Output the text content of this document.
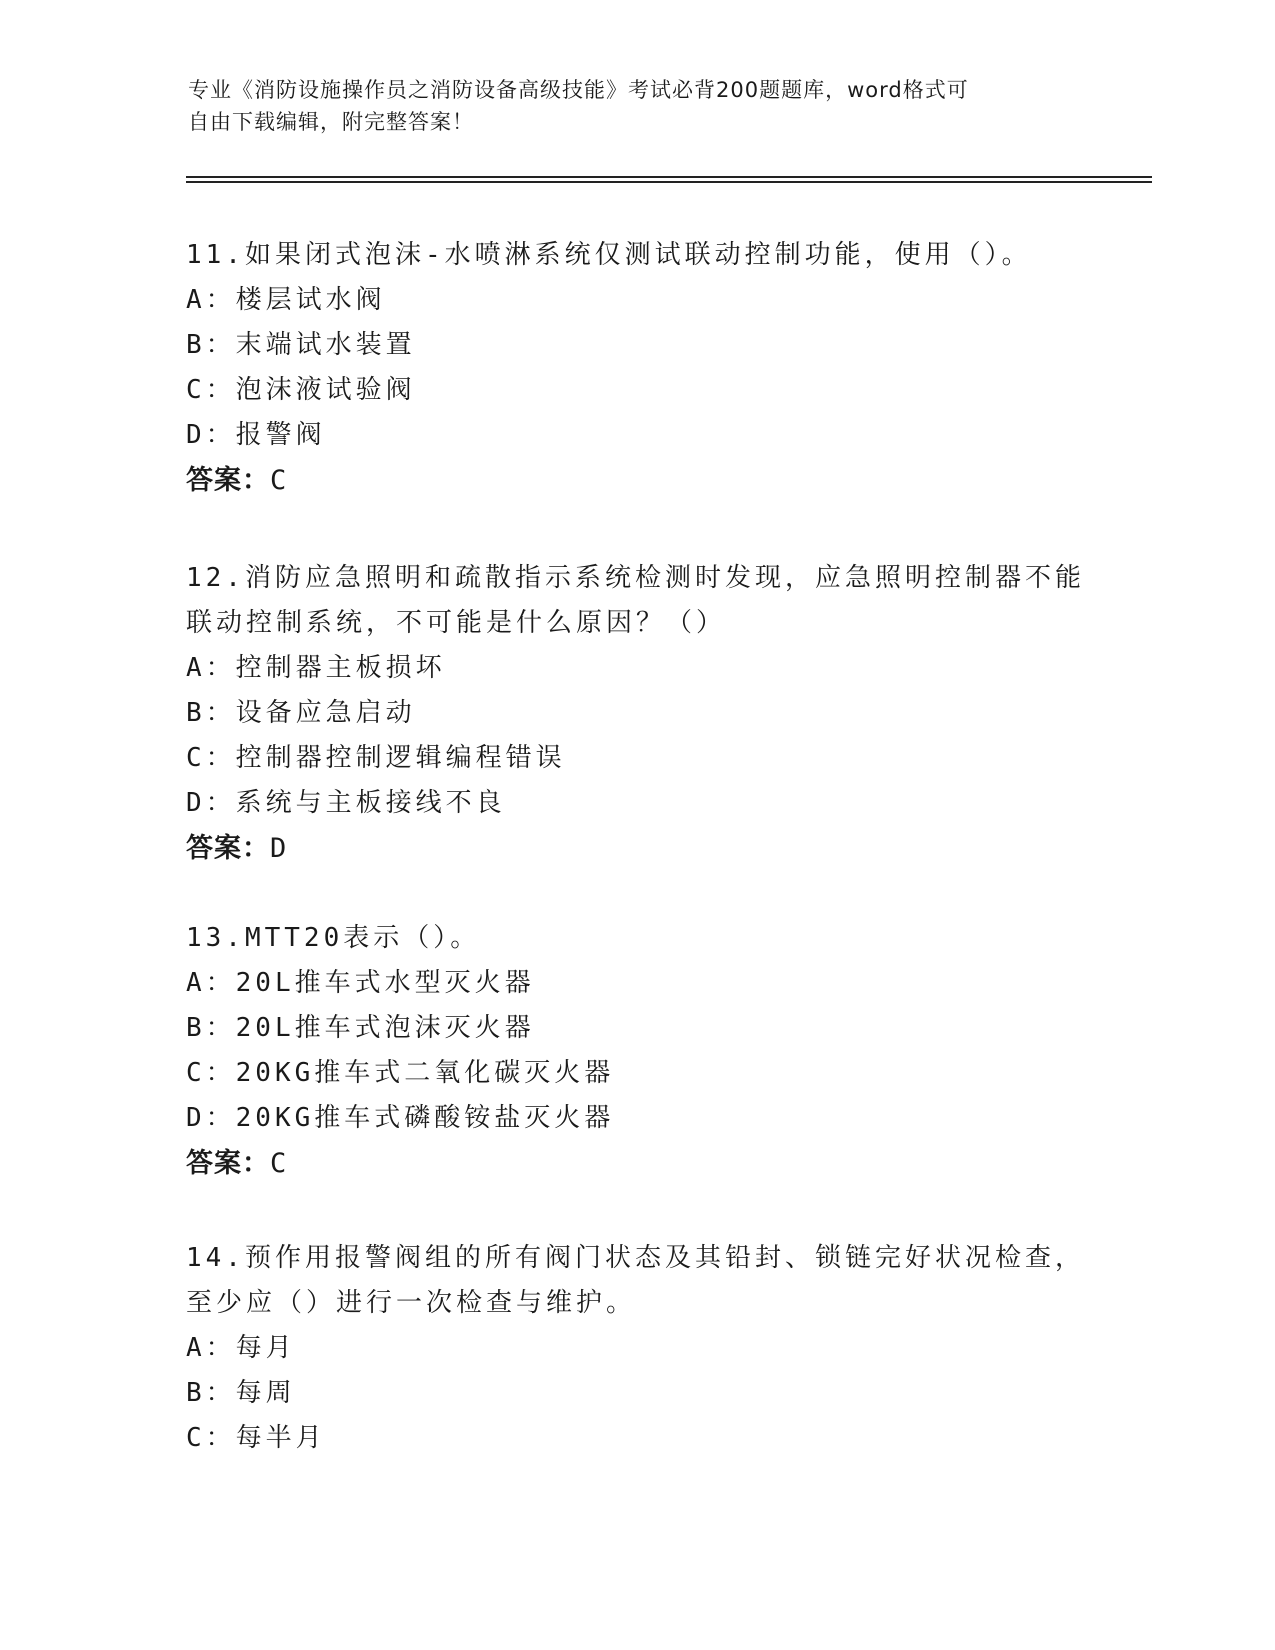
专业《消防设施操作员之消防设备高级技能》考试必背200题题库，word格式可
自由下载编辑，附完整答案！
11.如果闭式泡沫-水喷淋系统仅测试联动控制功能，使用（）。
A：楼层试水阀
B：末端试水装置
C：泡沫液试验阀
D：报警阀
答案：C
12.消防应急照明和疏散指示系统检测时发现，应急照明控制器不能联动控制系统，不可能是什么原因？（）
A：控制器主板损坏
B：设备应急启动
C：控制器控制逻辑编程错误
D：系统与主板接线不良
答案：D
13.MTT20表示（）。
A：20L推车式水型灭火器
B：20L推车式泡沫灭火器
C：20KG推车式二氧化碳灭火器
D：20KG推车式磷酸铵盐灭火器
答案：C
14.预作用报警阀组的所有阀门状态及其铅封、锁链完好状况检查，至少应（）进行一次检查与维护。
A：每月
B：每周
C：每半月
